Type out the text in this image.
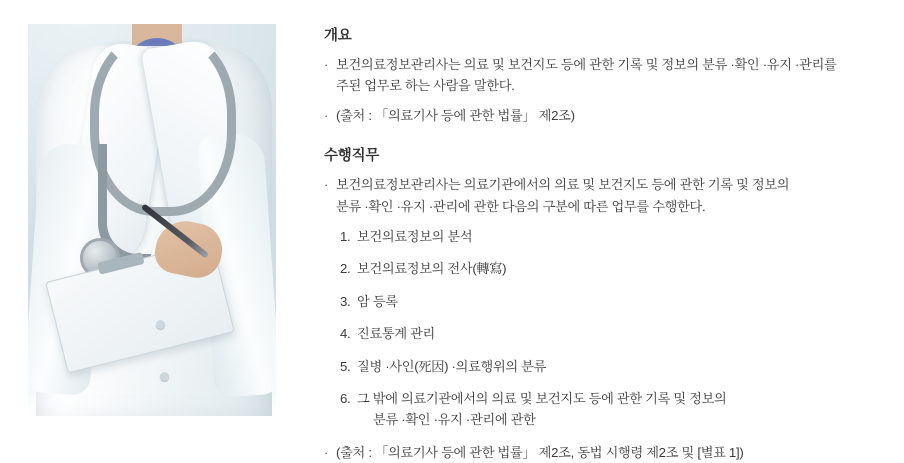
개요
· 보건의료정보관리사는 의료 및 보건지도 등에 관한 기록 및 정보의 분류 ·확인 ·유지 ·관리를
주된 업무로 하는 사람을 말한다.
· (출처 : 「의료기사 등에 관한 법률」 제2조)
수행직무
· 보건의료정보관리사는 의료기관에서의 의료 및 보건지도 등에 관한 기록 및 정보의
분류 ·확인 ·유지 ·관리에 관한 다음의 구분에 따른 업무를 수행한다.
1. 보건의료정보의 분석
2. 보건의료정보의 전사(轉寫)
3. 암 등록
4. 진료통계 관리
5. 질병 ·사인(死因) ·의료행위의 분류
6. 그 밖에 의료기관에서의 의료 및 보건지도 등에 관한 기록 및 정보의
분류 ·확인 ·유지 ·관리에 관한
· (출처 : 「의료기사 등에 관한 법률」 제2조, 동법 시행령 제2조 및 [별표 1])
